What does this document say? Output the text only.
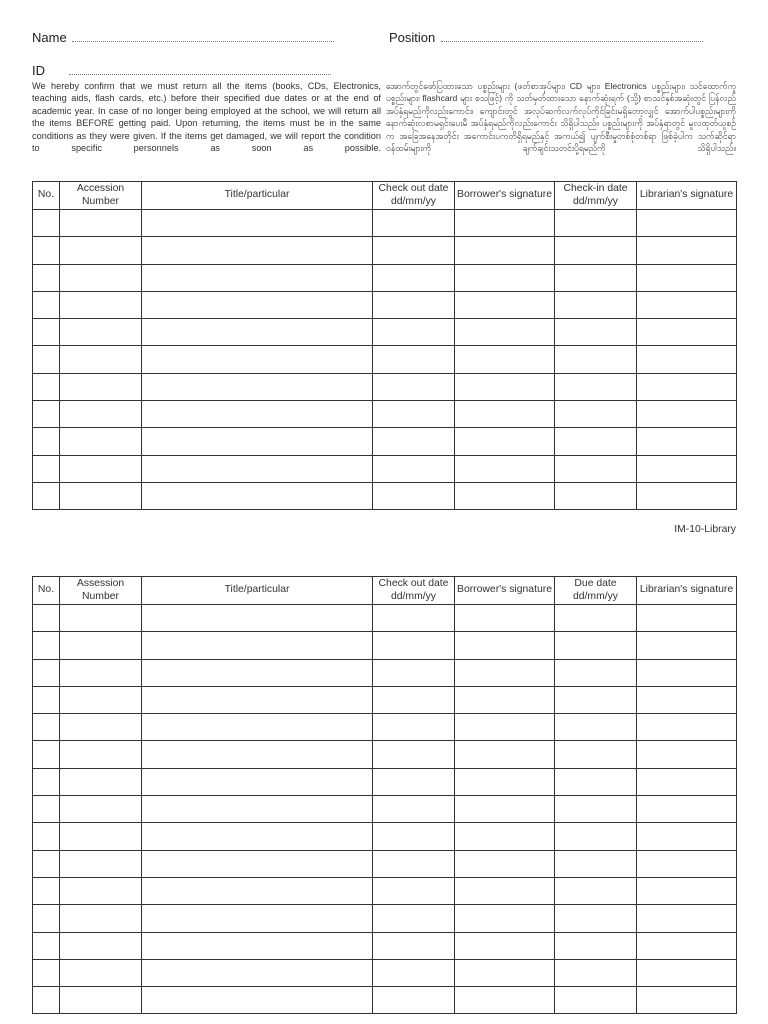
Name	Position
ID
We hereby confirm that we must return all the items (books, CDs, Electronics, teaching aids, flash cards, etc.) before their specified due dates or at the end of academic year. In case of no longer being employed at the school, we will return all the items BEFORE getting paid. Upon returning, the items must be in the same conditions as they were given. If the items get damaged, we will report the condition to specific personnels as soon as possible.
အောက်တွင်ဖော်ပြထားသော ပစ္စည်းများ (ဖတ်စာအုပ်များ၊ CD များ၊ Electronics ပစ္စည်းများ၊ သင်ထောက်ကူပစ္စည်းများ၊ flashcard များ စသဖြင့်) ကို သတ်မှတ်ထားသော နောက်ဆုံးရက် (သို့) စာသင်နှစ်အဆုံးတွင် ပြန်လည်အပ်နှံရမည်ကိုလည်းကောင်း၊ ကျောင်းတွင် အလုပ်ဆက်လက်လုပ်ကိုင်ခြင်းမရှိတော့လျှင် အောက်ပါပစ္စည်းများကို နောက်ဆုံးလစာမရှင်းပေးမီ အပ်နှံရမည်ကိုလည်းကောင်း သိရှိပါသည်။ ပစ္စည်းများကို အပ်နှံရာတွင် မူလထုတ်ယူစဉ်က အခြေအနေအတိုင်း အကောင်းပကတိရှိရမည်နှင့် အကယ်၍ ပျက်စီးမှုတစ်စုံတစ်ရာ ဖြစ်ခဲ့ပါက သက်ဆိုင်ရာဝန်ထမ်းများကို ချက်ချင်းသတင်းပို့ရမည်ကို သိရှိပါသည်။
No.	Accession Number	Title/particular	Check out date dd/mm/yy	Borrower's signature	Check-in date dd/mm/yy	Librarian's signature

IM-10-Library
No.	Assession Number	Title/particular	Check out date dd/mm/yy	Borrower's signature	Due date dd/mm/yy	Librarian's signature
